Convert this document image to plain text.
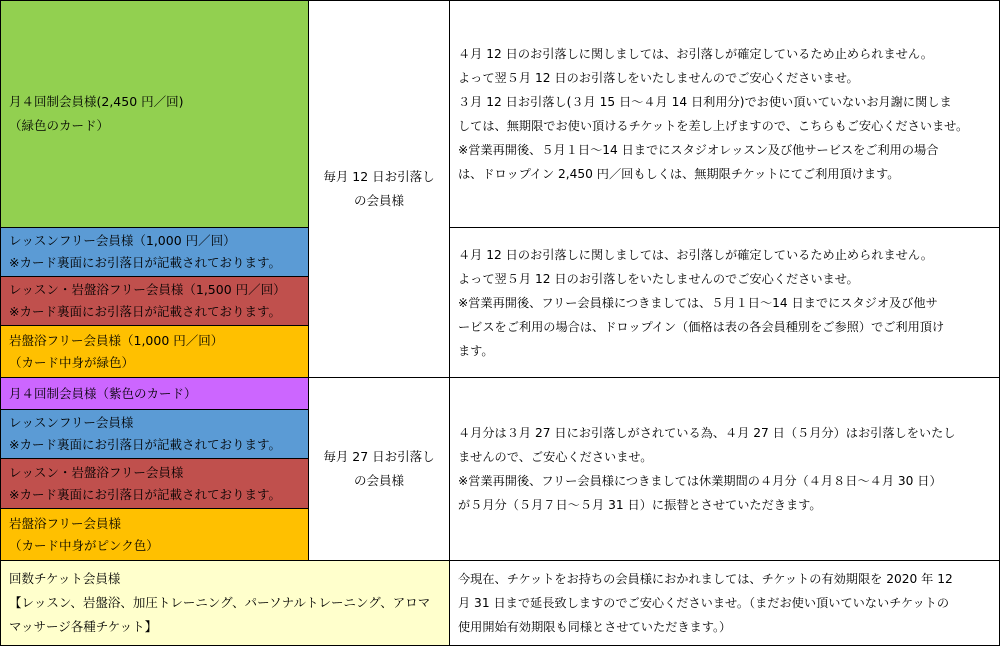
月４回制会員様(2,450 円／回)
（緑色のカード）
レッスンフリー会員様（1,000 円／回）
※カード裏面にお引落日が記載されております。
レッスン・岩盤浴フリー会員様（1,500 円／回）
※カード裏面にお引落日が記載されております。
岩盤浴フリー会員様（1,000 円／回）
（カード中身が緑色）
毎月 12 日お引落し
の会員様
４月 12 日のお引落しに関しましては、お引落しが確定しているため止められません。
よって翌５月 12 日のお引落しをいたしませんのでご安心くださいませ。
３月 12 日お引落し(３月 15 日～４月 14 日利用分)でお使い頂いていないお月謝に関しま
しては、無期限でお使い頂けるチケットを差し上げますので、こちらもご安心くださいませ。
※営業再開後、５月１日～14 日までにスタジオレッスン及び他サービスをご利用の場合
は、ドロップイン 2,450 円／回もしくは、無期限チケットにてご利用頂けます。
４月 12 日のお引落しに関しましては、お引落しが確定しているため止められません。
よって翌５月 12 日のお引落しをいたしませんのでご安心くださいませ。
※営業再開後、フリー会員様につきましては、５月１日～14 日までにスタジオ及び他サ
ービスをご利用の場合は、ドロップイン（価格は表の各会員種別をご参照）でご利用頂け
ます。
月４回制会員様（紫色のカード）
レッスンフリー会員様
※カード裏面にお引落日が記載されております。
レッスン・岩盤浴フリー会員様
※カード裏面にお引落日が記載されております。
岩盤浴フリー会員様
（カード中身がピンク色）
毎月 27 日お引落し
の会員様
４月分は３月 27 日にお引落しがされている為、４月 27 日（５月分）はお引落しをいたし
ませんので、ご安心くださいませ。
※営業再開後、フリー会員様につきましては休業期間の４月分（４月８日～４月 30 日）
が５月分（５月７日～５月 31 日）に振替とさせていただきます。
回数チケット会員様
【レッスン、岩盤浴、加圧トレーニング、パーソナルトレーニング、アロマ
マッサージ各種チケット】
今現在、チケットをお持ちの会員様におかれましては、チケットの有効期限を 2020 年 12
月 31 日まで延長致しますのでご安心くださいませ。（まだお使い頂いていないチケットの
使用開始有効期限も同様とさせていただきます。）
